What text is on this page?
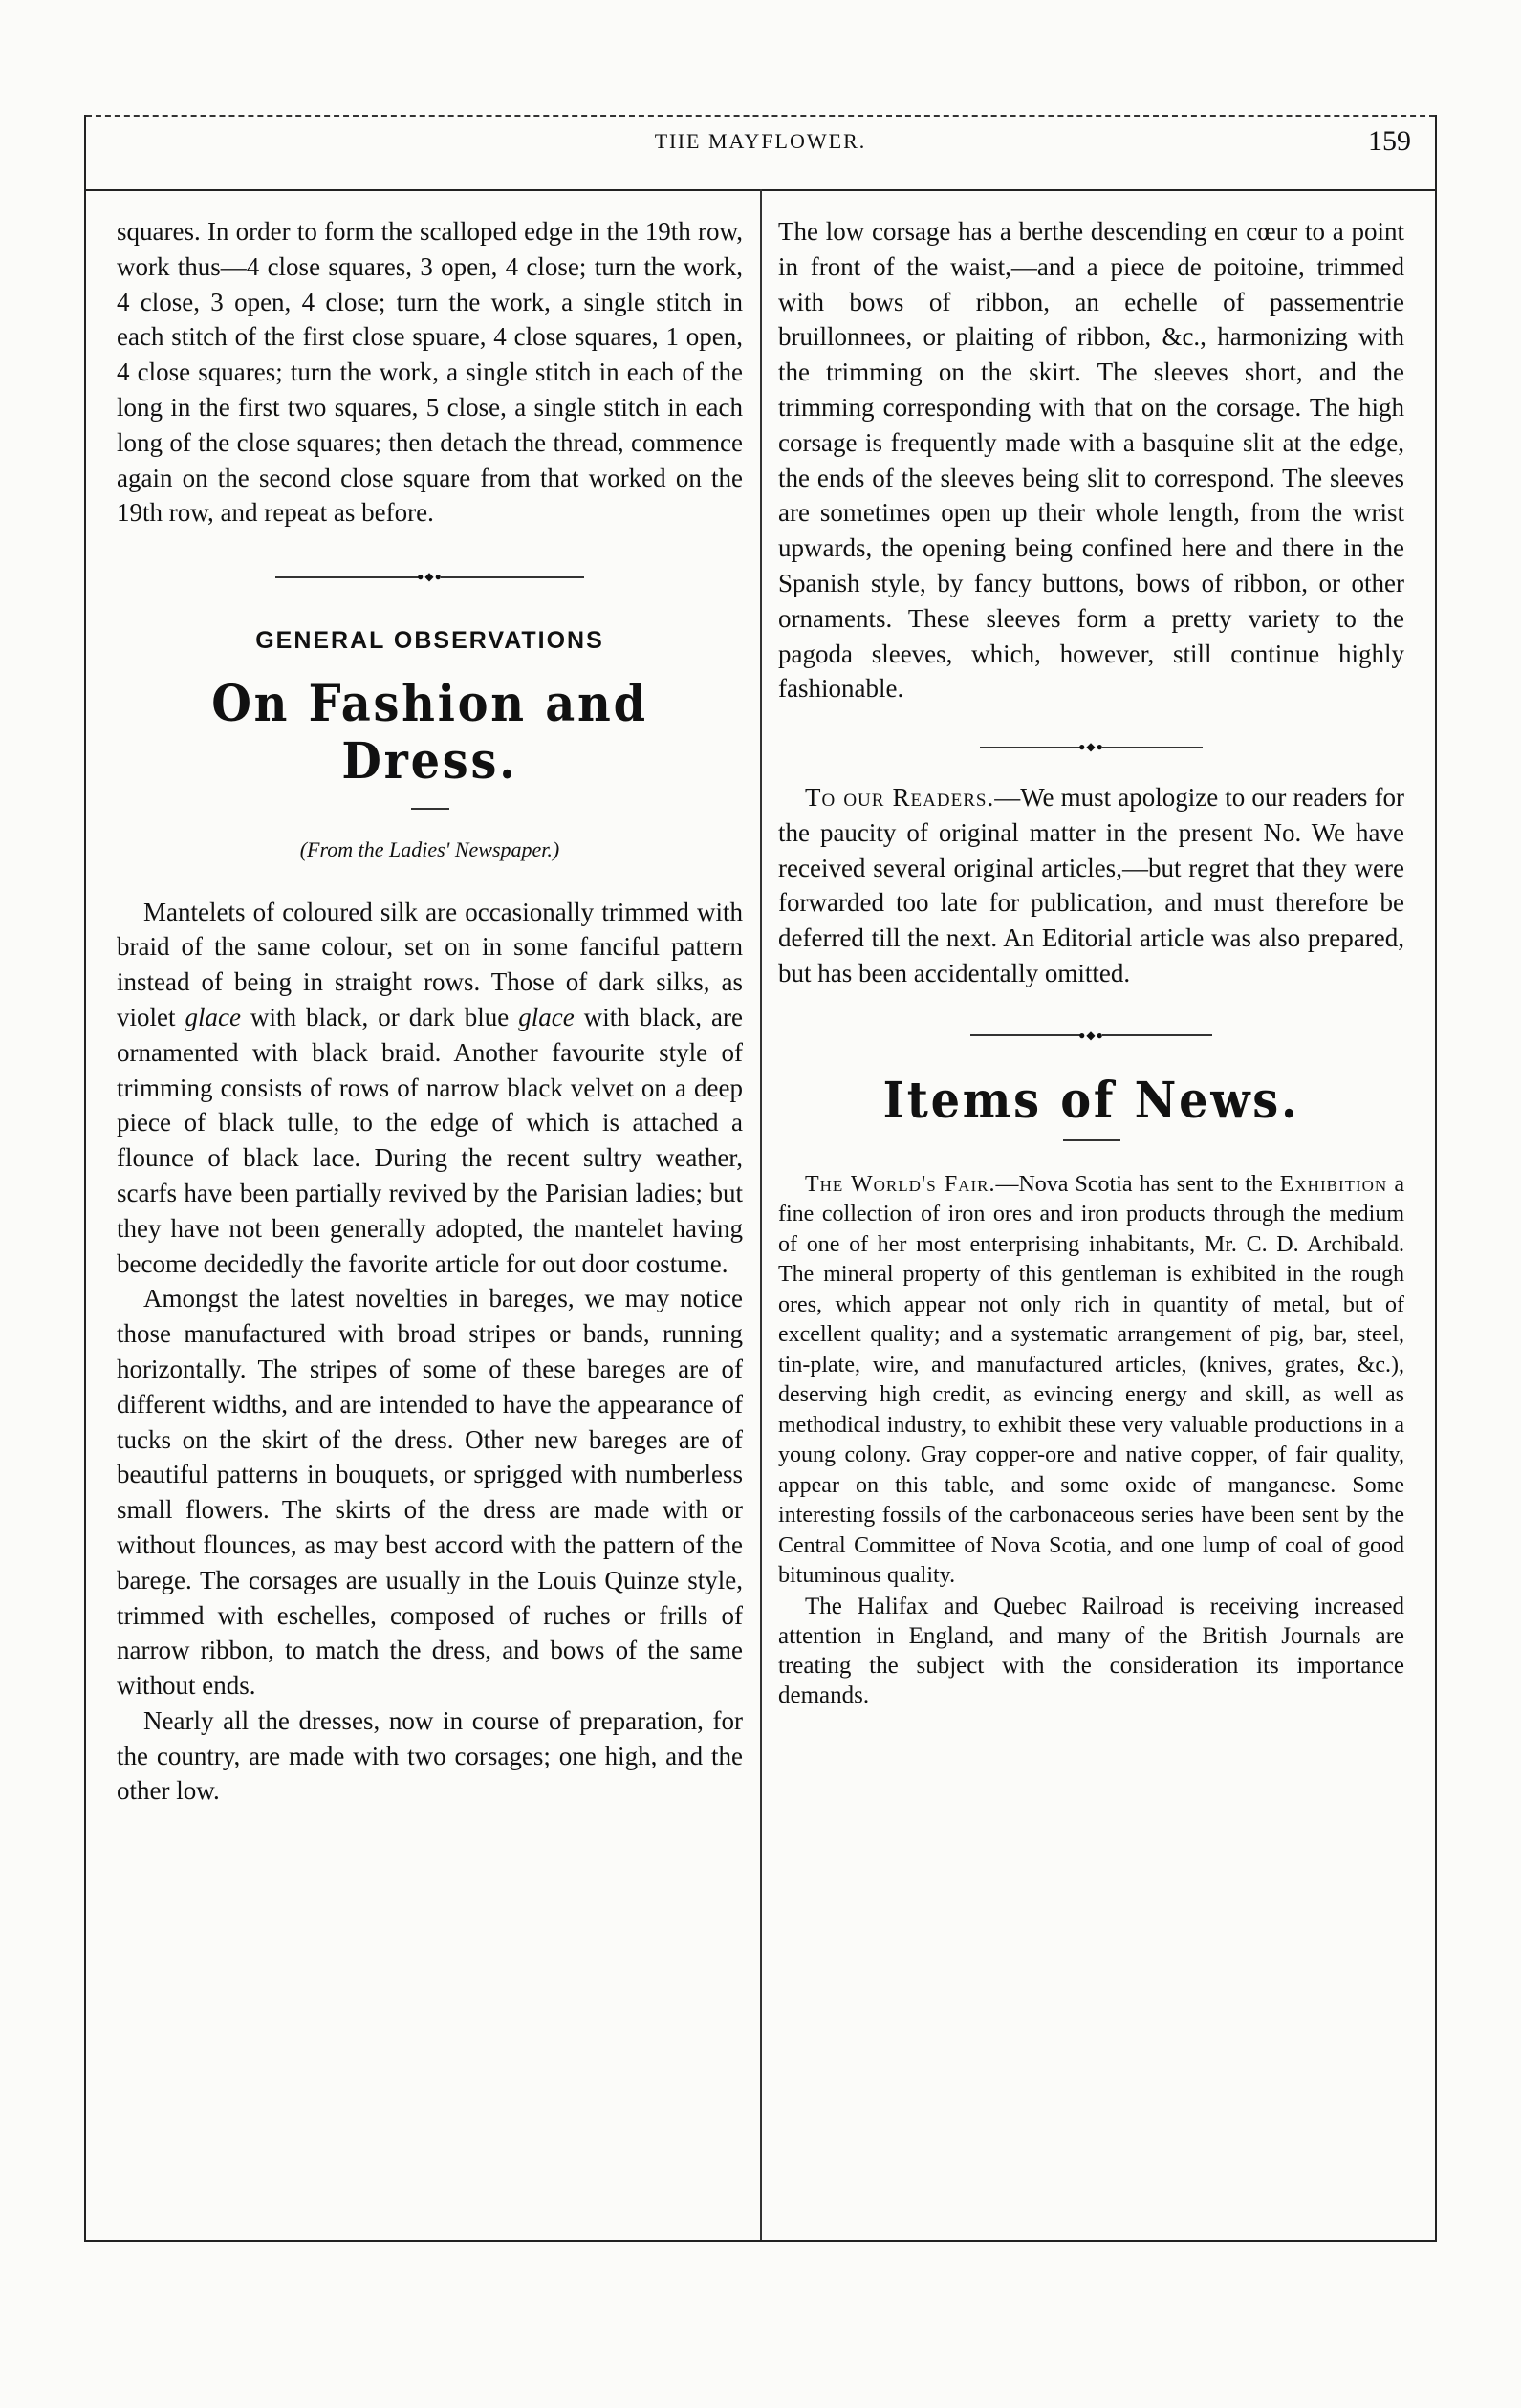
THE MAYFLOWER.	159

squares. In order to form the scalloped edge in the 19th row, work thus—4 close squares, 3 open, 4 close; turn the work, 4 close, 3 open, 4 close; turn the work, a single stitch in each stitch of the first close spuare, 4 close squares, 1 open, 4 close squares; turn the work, a single stitch in each of the long in the first two squares, 5 close, a single stitch in each long of the close squares; then detach the thread, commence again on the second close square from that worked on the 19th row, and repeat as before.

●◆●
GENERAL OBSERVATIONS
On Fashion and Dress.
(From the Ladies' Newspaper.)

Mantelets of coloured silk are occasionally trimmed with braid of the same colour, set on in some fanciful pattern instead of being in straight rows. Those of dark silks, as violet glace with black, or dark blue glace with black, are ornamented with black braid. Another favourite style of trimming consists of rows of narrow black velvet on a deep piece of black tulle, to the edge of which is attached a flounce of black lace. During the recent sultry weather, scarfs have been partially revived by the Parisian ladies; but they have not been generally adopted, the mantelet having become decidedly the favorite article for out door costume.

Amongst the latest novelties in bareges, we may notice those manufactured with broad stripes or bands, running horizontally. The stripes of some of these bareges are of different widths, and are intended to have the appearance of tucks on the skirt of the dress. Other new bareges are of beautiful patterns in bouquets, or sprigged with numberless small flowers. The skirts of the dress are made with or without flounces, as may best accord with the pattern of the barege. The corsages are usually in the Louis Quinze style, trimmed with eschelles, composed of ruches or frills of narrow ribbon, to match the dress, and bows of the same without ends.

Nearly all the dresses, now in course of preparation, for the country, are made with two corsages; one high, and the other low.

The low corsage has a berthe descending en cœur to a point in front of the waist,—and a piece de poitoine, trimmed with bows of ribbon, an echelle of passementrie bruillonnees, or plaiting of ribbon, &c., harmonizing with the trimming on the skirt. The sleeves short, and the trimming corresponding with that on the corsage. The high corsage is frequently made with a basquine slit at the edge, the ends of the sleeves being slit to correspond. The sleeves are sometimes open up their whole length, from the wrist upwards, the opening being confined here and there in the Spanish style, by fancy buttons, bows of ribbon, or other ornaments. These sleeves form a pretty variety to the pagoda sleeves, which, however, still continue highly fashionable.

●◆●

To our Readers.—We must apologize to our readers for the paucity of original matter in the present No. We have received several original articles,—but regret that they were forwarded too late for publication, and must therefore be deferred till the next. An Editorial article was also prepared, but has been accidentally omitted.

●◆●
Items of News.

The World's Fair.—Nova Scotia has sent to the Exhibition a fine collection of iron ores and iron products through the medium of one of her most enterprising inhabitants, Mr. C. D. Archibald. The mineral property of this gentleman is exhibited in the rough ores, which appear not only rich in quantity of metal, but of excellent quality; and a systematic arrangement of pig, bar, steel, tin-plate, wire, and manufactured articles, (knives, grates, &c.), deserving high credit, as evincing energy and skill, as well as methodical industry, to exhibit these very valuable productions in a young colony. Gray copper-ore and native copper, of fair quality, appear on this table, and some oxide of manganese. Some interesting fossils of the carbonaceous series have been sent by the Central Committee of Nova Scotia, and one lump of coal of good bituminous quality.

The Halifax and Quebec Railroad is receiving increased attention in England, and many of the British Journals are treating the subject with the consideration its importance demands.
